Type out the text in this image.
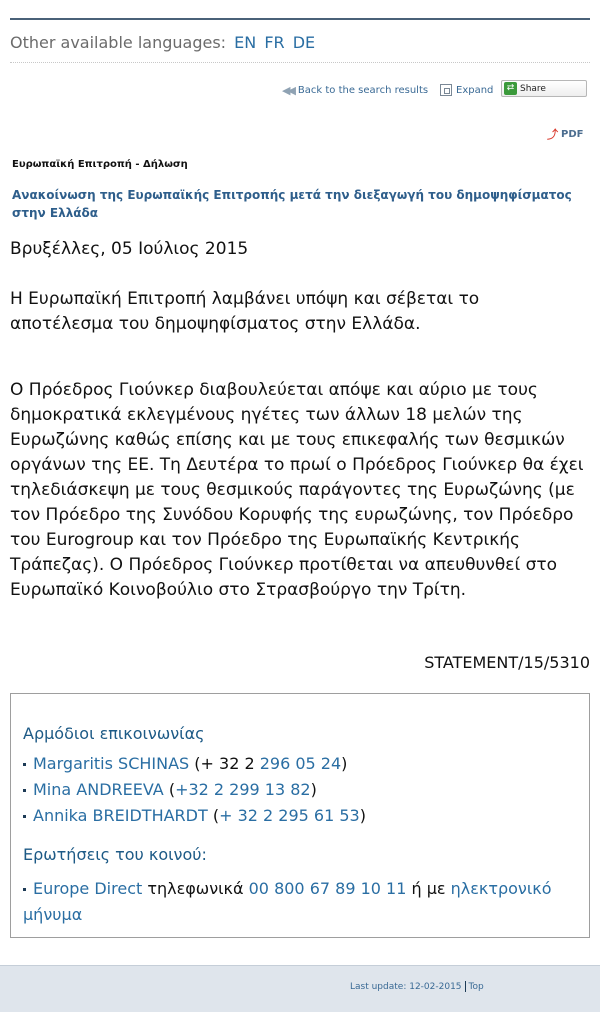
Other available languages: EN FR DE
◀◀ Back to the search results	Expand	⇄ Share
⤴ PDF
Ευρωπαϊκή Επιτροπή - Δήλωση
Ανακοίνωση της Ευρωπαϊκής Επιτροπής μετά την διεξαγωγή του δημοψηφίσματος στην Ελλάδα
Βρυξέλλες, 05 Ιούλιος 2015
Η Ευρωπαϊκή Επιτροπή λαμβάνει υπόψη και σέβεται το αποτέλεσμα του δημοψηφίσματος στην Ελλάδα.
Ο Πρόεδρος Γιούνκερ διαβουλεύεται απόψε και αύριο με τους δημοκρατικά εκλεγμένους ηγέτες των άλλων 18 μελών της Ευρωζώνης καθώς επίσης και με τους επικεφαλής των θεσμικών οργάνων της ΕΕ. Τη Δευτέρα το πρωί ο Πρόεδρος Γιούνκερ θα έχει τηλεδιάσκεψη με τους θεσμικούς παράγοντες της Ευρωζώνης (με τον Πρόεδρο της Συνόδου Κορυφής της ευρωζώνης, τον Πρόεδρο του Eurogroup και τον Πρόεδρο της Ευρωπαϊκής Κεντρικής Τράπεζας). Ο Πρόεδρος Γιούνκερ προτίθεται να απευθυνθεί στο Ευρωπαϊκό Κοινοβούλιο στο Στρασβούργο την Τρίτη.
STATEMENT/15/5310
Αρμόδιοι επικοινωνίας
Margaritis SCHINAS (+ 32 2 296 05 24)
Mina ANDREEVA (+32 2 299 13 82)
Annika BREIDTHARDT (+ 32 2 295 61 53)
Ερωτήσεις του κοινού:
Europe Direct τηλεφωνικά 00 800 67 89 10 11 ή με ηλεκτρονικό μήνυμα
Last update: 12-02-2015 Top
